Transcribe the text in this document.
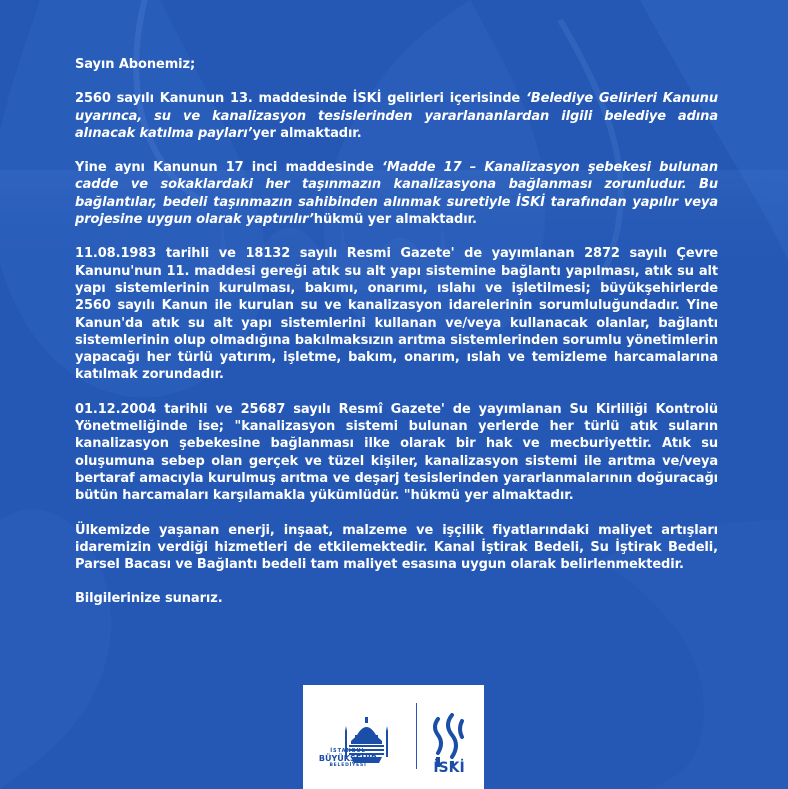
Sayın Abonemiz;

2560 sayılı Kanunun 13. maddesinde İSKİ gelirleri içerisinde ‘Belediye Gelirleri Kanunu uyarınca, su ve kanalizasyon tesislerinden yararlananlardan ilgili belediye adına alınacak katılma payları’yer almaktadır.

Yine aynı Kanunun 17 inci maddesinde ‘Madde 17 – Kanalizasyon şebekesi bulunan cadde ve sokaklardaki her taşınmazın kanalizasyona bağlanması zorunludur. Bu bağlantılar, bedeli taşınmazın sahibinden alınmak suretiyle İSKİ tarafından yapılır veya projesine uygun olarak yaptırılır’hükmü yer almaktadır.

11.08.1983 tarihli ve 18132 sayılı Resmi Gazete' de yayımlanan 2872 sayılı Çevre Kanunu'nun 11. maddesi gereği atık su alt yapı sistemine bağlantı yapılması, atık su alt yapı sistemlerinin kurulması, bakımı, onarımı, ıslahı ve işletilmesi; büyükşehirlerde 2560 sayılı Kanun ile kurulan su ve kanalizasyon idarelerinin sorumluluğundadır. Yine Kanun'da atık su alt yapı sistemlerini kullanan ve/veya kullanacak olanlar, bağlantı sistemlerinin olup olmadığına bakılmaksızın arıtma sistemlerinden sorumlu yönetimlerin yapacağı her türlü yatırım, işletme, bakım, onarım, ıslah ve temizleme harcamalarına katılmak zorundadır.

01.12.2004 tarihli ve 25687 sayılı Resmî Gazete' de yayımlanan Su Kirliliği Kontrolü Yönetmeliğinde ise; "kanalizasyon sistemi bulunan yerlerde her türlü atık suların kanalizasyon şebekesine bağlanması ilke olarak bir hak ve mecburiyettir. Atık su oluşumuna sebep olan gerçek ve tüzel kişiler, kanalizasyon sistemi ile arıtma ve/veya bertaraf amacıyla kurulmuş arıtma ve deşarj tesislerinden yararlanmalarının doğuracağı bütün harcamaları karşılamakla yükümlüdür. "hükmü yer almaktadır.

Ülkemizde yaşanan enerji, inşaat, malzeme ve işçilik fiyatlarındaki maliyet artışları idaremizin verdiği hizmetleri de etkilemektedir. Kanal İştirak Bedeli, Su İştirak Bedeli, Parsel Bacası ve Bağlantı bedeli tam maliyet esasına uygun olarak belirlenmektedir.

Bilgilerinize sunarız.

İSTANBUL
BÜYÜKŞEHİR
BELEDİYESİ	İSKİ
